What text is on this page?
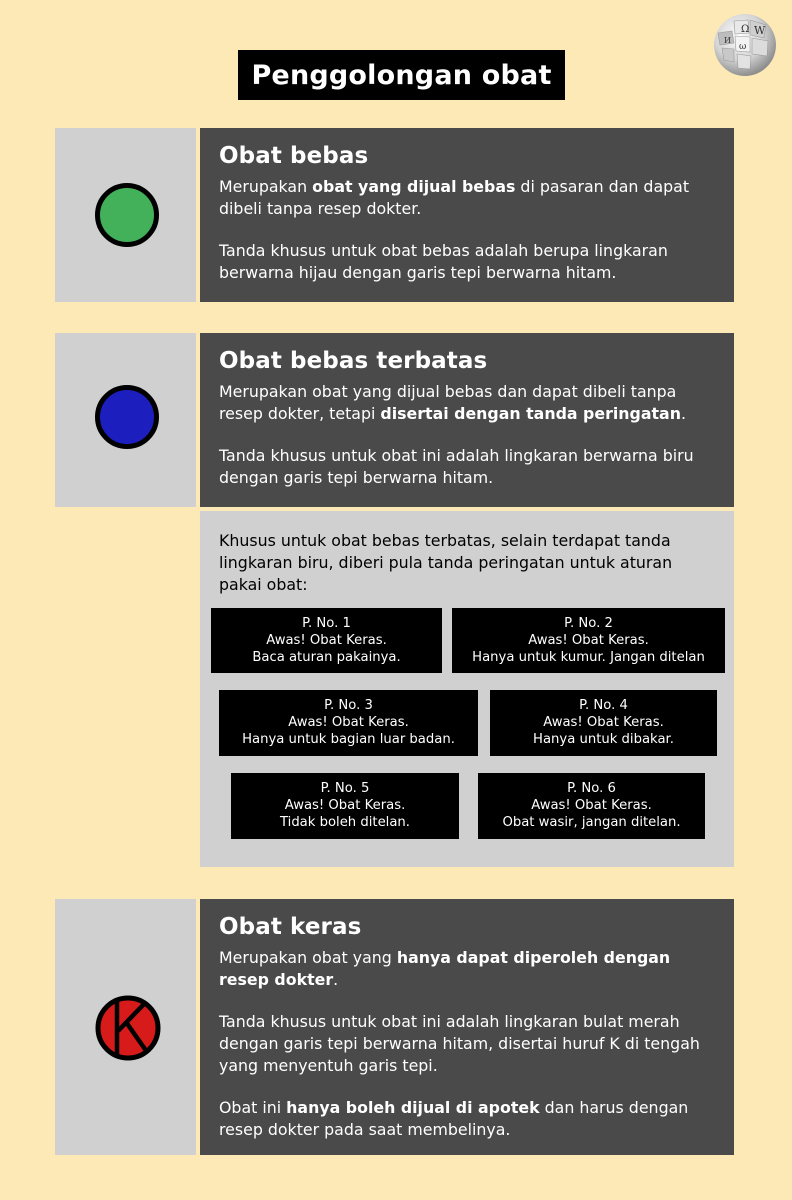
Penggolongan obat
Ω W
И
ω
Obat bebas

Merupakan obat yang dijual bebas di pasaran dan dapat dibeli tanpa resep dokter.

Tanda khusus untuk obat bebas adalah berupa lingkaran berwarna hijau dengan garis tepi berwarna hitam.

Obat bebas terbatas

Merupakan obat yang dijual bebas dan dapat dibeli tanpa resep dokter, tetapi disertai dengan tanda peringatan.

Tanda khusus untuk obat ini adalah lingkaran berwarna biru dengan garis tepi berwarna hitam.

Khusus untuk obat bebas terbatas, selain terdapat tanda lingkaran biru, diberi pula tanda peringatan untuk aturan pakai obat:
P. No. 1
Awas! Obat Keras.
Baca aturan pakainya.
P. No. 2
Awas! Obat Keras.
Hanya untuk kumur. Jangan ditelan
P. No. 3
Awas! Obat Keras.
Hanya untuk bagian luar badan.
P. No. 4
Awas! Obat Keras.
Hanya untuk dibakar.
P. No. 5
Awas! Obat Keras.
Tidak boleh ditelan.
P. No. 6
Awas! Obat Keras.
Obat wasir, jangan ditelan.
Obat keras

Merupakan obat yang hanya dapat diperoleh dengan resep dokter.

Tanda khusus untuk obat ini adalah lingkaran bulat merah dengan garis tepi berwarna hitam, disertai huruf K di tengah yang menyentuh garis tepi.

Obat ini hanya boleh dijual di apotek dan harus dengan resep dokter pada saat membelinya.
